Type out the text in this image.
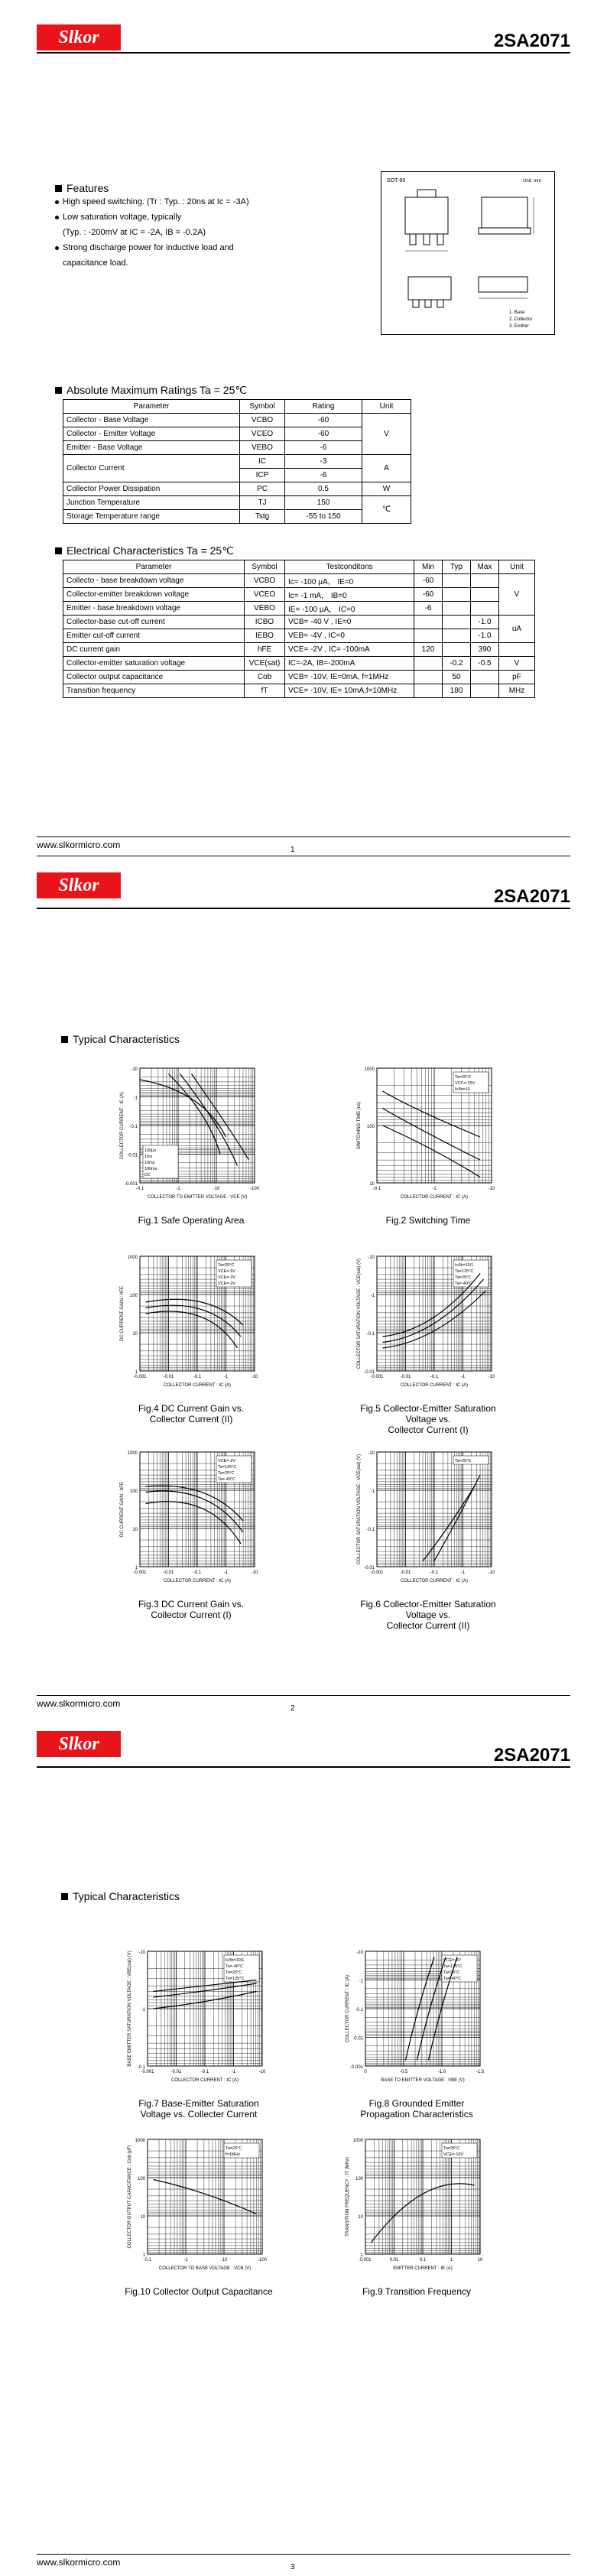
Slkor	2SA2071
Features
High speed switching. (Tr : Typ. : 20ns at Ic = -3A)
Low saturation voltage, typically
(Typ. : -200mV at IC = -2A, IB = -0.2A)
Strong discharge power for inductive load and
capacitance load.
SOT-89	Unit: mm
1. Base
2. Collector
3. Emitter
Absolute Maximum Ratings Ta = 25℃
Parameter	Symbol	Rating	Unit
Collector - Base Voltage	VCBO	-60	V
Collector - Emitter Voltage	VCEO	-60	
Emitter - Base Voltage	VEBO	-6	
Collector Current	IC	-3	A
	ICP	-6	
Collector Power Dissipation	PC	0.5	W
Junction Temperature	TJ	150	℃
Storage Temperature range	Tstg	-55 to 150	
Electrical Characteristics Ta = 25℃
Parameter	Symbol	Testconditons	Min	Typ	Max	Unit
Collecto - base breakdown voltage	VCBO	Ic= -100 μA， IE=0	-60			V
Collector-emitter breakdown voltage	VCEO	Ic= -1 mA， IB=0	-60			
Emitter - base breakdown voltage	VEBO	IE= -100 μA， IC=0	-6			
Collector-base cut-off current	ICBO	VCB= -40 V , IE=0			-1.0	uA
Emitter cut-off current	IEBO	VEB= -4V , IC=0			-1.0	
DC current gain	hFE	VCE= -2V , IC= -100mA	120		390	
Collector-emitter saturation voltage	VCE(sat)	IC=-2A, IB=-200mA		-0.2	-0.5	V
Collector output capacitance	Cob	VCB= -10V, IE=0mA, f=1MHz		50		pF
Transition frequency	fT	VCE= -10V, IE= 10mA,f=10MHz		180		MHz
www.slkormicro.com	1
Slkor
2SA2071
Typical Characteristics
-10
-1
-0.1
-0.01
-0.001
-0.1	-1	-10	-100
COLLECTOR TO EMITTER VOLTAGE : VCE (V)
COLLECTOR CURRENT : IC (A)	100μs
1ms
10ms
100ms
DC
Fig.1 Safe Operating Area
1000
100
10
-0.1	-1	-10
COLLECTOR CURRENT : IC (A)
SWITCHING TIME (ns)
Ta=25°C
VCC=-25V
Ic/Ib=10
Fig.2 Switching Time
1000
100
10
1
-0.001	-0.01	-0.1	-1	-10
COLLECTOR CURRENT : IC (A)
DC CURRENT GAIN : hFE
Ta=25°C
VCE=-5V
VCE=-3V
VCE=-2V
Fig.4 DC Current Gain vs.
Collector Current (II)
-10
-1
-0.1
-0.01
-0.001	-0.01	-0.1	-1	-10
COLLECTOR CURRENT : IC (A)
COLLECTOR SATURATION VOLTAGE : VCE(sat) (V)	Ic/Ib=10/1
Ta=125°C
Ta=25°C
Ta=-40°C
Fig.5 Collector-Emitter Saturation
Voltage vs.
Collector Current (I)
1000
100
10
1
-0.001	-0.01	-0.1	-1	-10
COLLECTOR CURRENT : IC (A)
DC CURRENT GAIN : hFE
VCE=-2V
Ta=125°C
Ta=25°C
Ta=-40°C
Fig.3 DC Current Gain vs.
Collector Current (I)
-10
-1
-0.1
-0.01
-0.001	-0.01	-0.1	-1	-10
COLLECTOR CURRENT : IC (A)
COLLECTOR SATURATION VOLTAGE : VCE(sat) (V)	Ta=25°C
Fig.6 Collector-Emitter Saturation
Voltage vs.
Collector Current (II)
www.slkormicro.com	2
Slkor
2SA2071
Typical Characteristics
-10
-1
-0.1
-0.001	-0.01	-0.1	-1	-10
COLLECTOR CURRENT : IC (A)
BASE EMITTER SATURATION VOLTAGE : VBE(sat) (V)	Ic/Ib=10/1
Ta=-40°C
Ta=25°C
Ta=125°C
Fig.7 Base-Emitter Saturation
Voltage vs. Collecter Current
-10
-1
-0.1
-0.01
-0.001
0	-0.5	-1.0	-1.5
BASE TO EMITTER VOLTAGE : VBE (V)
COLLECTOR CURRENT : IC (A)
VCE=-2V
Ta=125°C
Ta=25°C
Ta=-40°C
Fig.8 Grounded Emitter
Propagation Characteristics
1000
100
10
1
-0.1	-1	-10	-100
COLLECTOR TO BASE VOLTAGE : VCB (V)
COLLECTOR OUTPUT CAPACITANCE : Cob (pF)	Ta=25°C
f=1MHz
Fig.10 Collector Output Capacitance
1000
100
10
1
0.001	0.01	0.1	1	10
EMITTER CURRENT : IE (A)
TRANSITION FREQUENCY : fT (MHz)
Ta=25°C
VCE=-10V
Fig.9 Transition Frequency
www.slkormicro.com	3
